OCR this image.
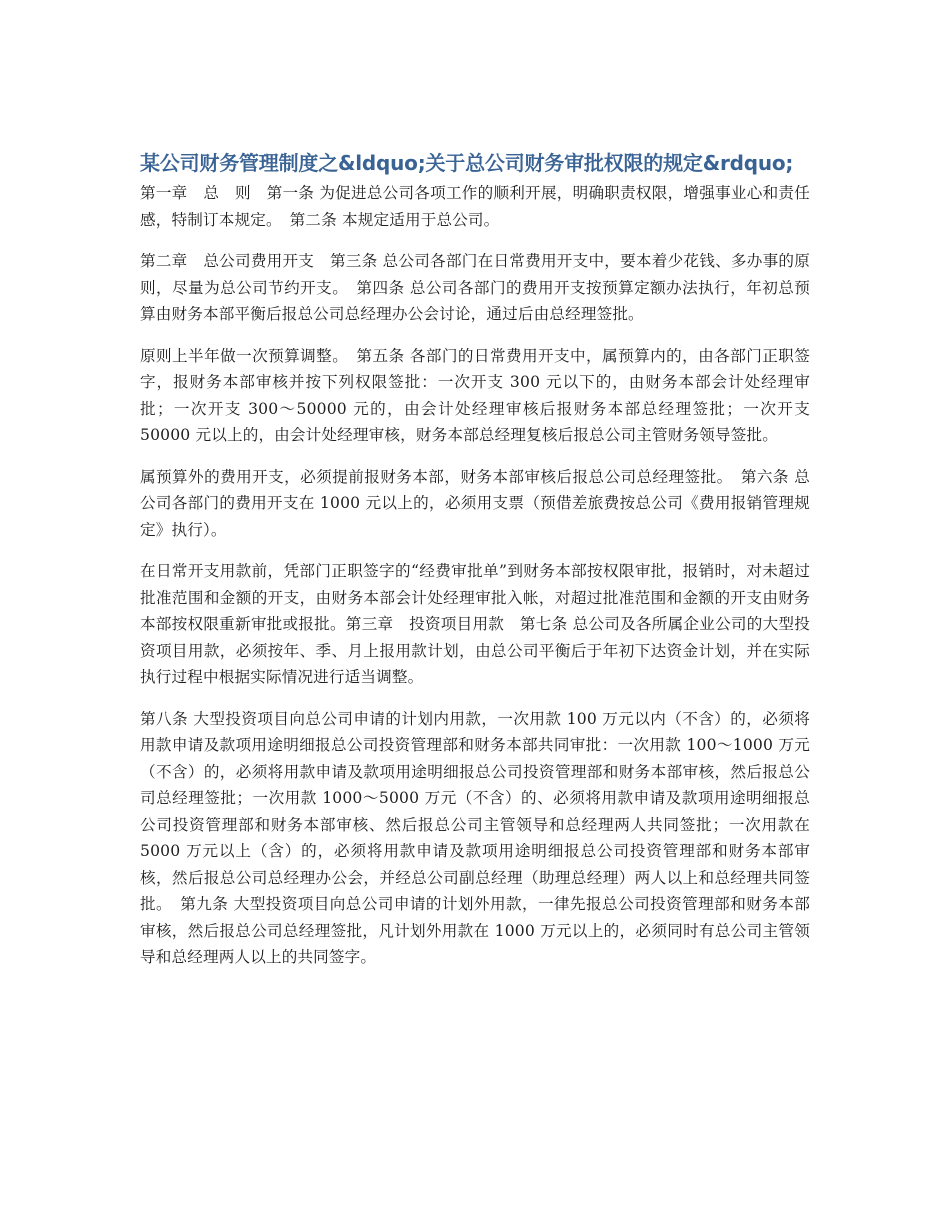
某公司财务管理制度之&ldquo;关于总公司财务审批权限的规定&rdquo;

第一章　总　则　第一条 为促进总公司各项工作的顺利开展，明确职责权限，增强事业心和责任感，特制订本规定。　第二条 本规定适用于总公司。

第二章　总公司费用开支　第三条 总公司各部门在日常费用开支中，要本着少花钱、多办事的原则，尽量为总公司节约开支。　第四条 总公司各部门的费用开支按预算定额办法执行，年初总预算由财务本部平衡后报总公司总经理办公会讨论，通过后由总经理签批。

原则上半年做一次预算调整。　第五条 各部门的日常费用开支中，属预算内的，由各部门正职签字，报财务本部审核并按下列权限签批：一次开支 300 元以下的，由财务本部会计处经理审批；一次开支 300～50000 元的，由会计处经理审核后报财务本部总经理签批；一次开支 50000 元以上的，由会计处经理审核，财务本部总经理复核后报总公司主管财务领导签批。

属预算外的费用开支，必须提前报财务本部，财务本部审核后报总公司总经理签批。　第六条 总公司各部门的费用开支在 1000 元以上的，必须用支票（预借差旅费按总公司《费用报销管理规定》执行）。

在日常开支用款前，凭部门正职签字的“经费审批单”到财务本部按权限审批，报销时，对未超过批准范围和金额的开支，由财务本部会计处经理审批入帐，对超过批准范围和金额的开支由财务本部按权限重新审批或报批。第三章　投资项目用款　第七条 总公司及各所属企业公司的大型投资项目用款，必须按年、季、月上报用款计划，由总公司平衡后于年初下达资金计划，并在实际执行过程中根据实际情况进行适当调整。

第八条 大型投资项目向总公司申请的计划内用款，一次用款 100 万元以内（不含）的，必须将用款申请及款项用途明细报总公司投资管理部和财务本部共同审批：一次用款 100～1000 万元（不含）的，必须将用款申请及款项用途明细报总公司投资管理部和财务本部审核，然后报总公司总经理签批；一次用款 1000～5000 万元（不含）的、必须将用款申请及款项用途明细报总公司投资管理部和财务本部审核、然后报总公司主管领导和总经理两人共同签批；一次用款在 5000 万元以上（含）的，必须将用款申请及款项用途明细报总公司投资管理部和财务本部审核，然后报总公司总经理办公会，并经总公司副总经理（助理总经理）两人以上和总经理共同签批。　第九条 大型投资项目向总公司申请的计划外用款，一律先报总公司投资管理部和财务本部审核，然后报总公司总经理签批，凡计划外用款在 1000 万元以上的，必须同时有总公司主管领导和总经理两人以上的共同签字。
